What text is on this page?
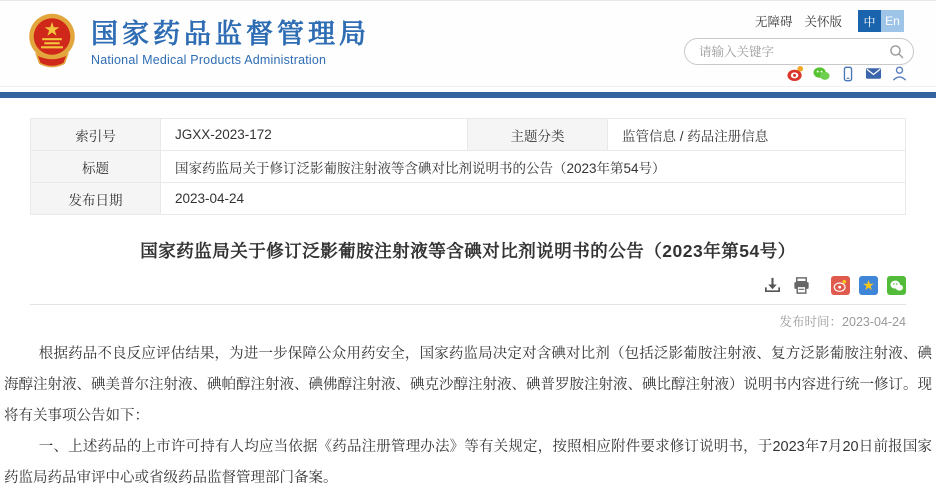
国家药品监督管理局
National Medical Products Administration
无障碍 关怀版	中 En
请输入关键字
索引号	JGXX-2023-172	主题分类	监管信息 / 药品注册信息
标题	国家药监局关于修订泛影葡胺注射液等含碘对比剂说明书的公告（2023年第54号）		
发布日期	2023-04-24		
国家药监局关于修订泛影葡胺注射液等含碘对比剂说明书的公告（2023年第54号）
★
发布时间：2023-04-24

根据药品不良反应评估结果，为进一步保障公众用药安全，国家药监局决定对含碘对比剂（包括泛影葡胺注射液、复方泛影葡胺注射液、碘海醇注射液、碘美普尔注射液、碘帕醇注射液、碘佛醇注射液、碘克沙醇注射液、碘普罗胺注射液、碘比醇注射液）说明书内容进行统一修订。现将有关事项公告如下：

一、上述药品的上市许可持有人均应当依据《药品注册管理办法》等有关规定，按照相应附件要求修订说明书，于2023年7月20日前报国家药监局药品审评中心或省级药品监督管理部门备案。
